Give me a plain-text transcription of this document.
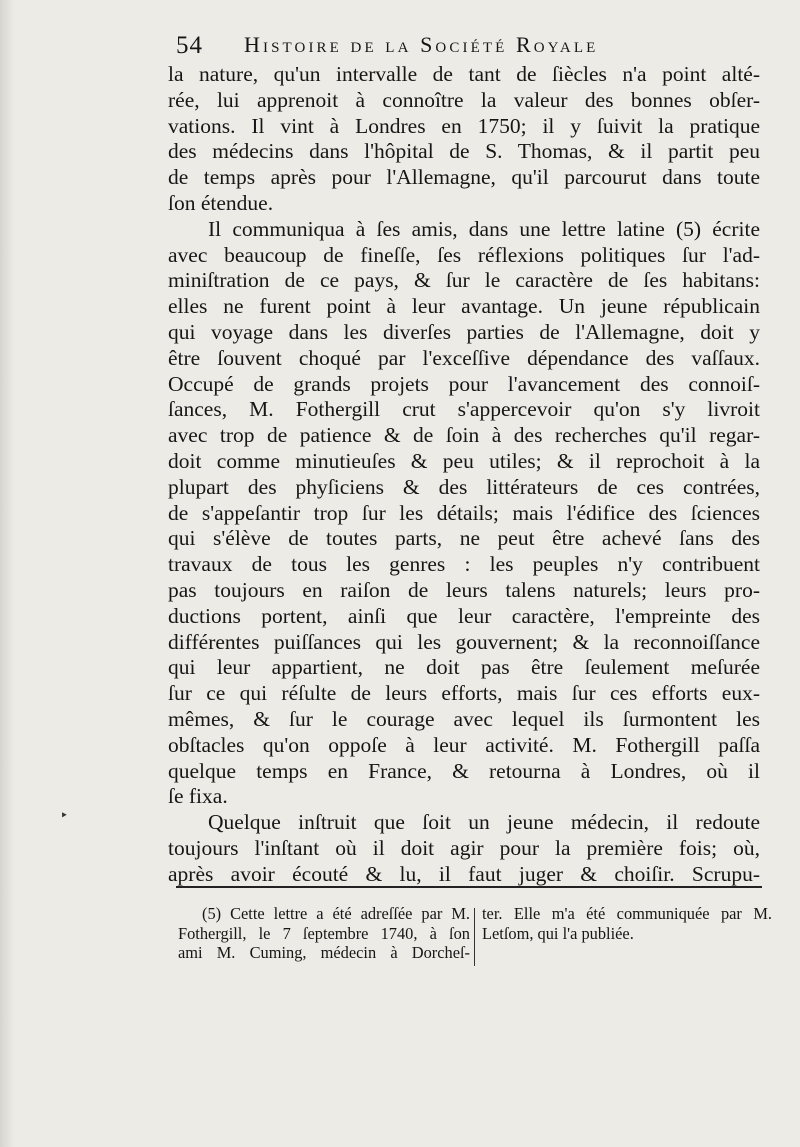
54 Histoire de la Société Royale
la nature, qu'un intervalle de tant de ſiècles n'a point alté-
rée, lui apprenoit à connoître la valeur des bonnes obſer-
vations. Il vint à Londres en 1750; il y ſuivit la pratique
des médecins dans l'hôpital de S. Thomas, & il partit peu
de temps après pour l'Allemagne, qu'il parcourut dans toute
ſon étendue.
Il communiqua à ſes amis, dans une lettre latine (5) écrite
avec beaucoup de fineſſe, ſes réflexions politiques ſur l'ad-
miniſtration de ce pays, & ſur le caractère de ſes habitans:
elles ne furent point à leur avantage. Un jeune républicain
qui voyage dans les diverſes parties de l'Allemagne, doit y
être ſouvent choqué par l'exceſſive dépendance des vaſſaux.
Occupé de grands projets pour l'avancement des connoiſ-
ſances, M. Fothergill crut s'appercevoir qu'on s'y livroit
avec trop de patience & de ſoin à des recherches qu'il regar-
doit comme minutieuſes & peu utiles; & il reprochoit à la
plupart des phyſiciens & des littérateurs de ces contrées,
de s'appeſantir trop ſur les détails; mais l'édifice des ſciences
qui s'élève de toutes parts, ne peut être achevé ſans des
travaux de tous les genres : les peuples n'y contribuent
pas toujours en raiſon de leurs talens naturels; leurs pro-
ductions portent, ainſi que leur caractère, l'empreinte des
différentes puiſſances qui les gouvernent; & la reconnoiſſance
qui leur appartient, ne doit pas être ſeulement meſurée
ſur ce qui réſulte de leurs efforts, mais ſur ces efforts eux-
mêmes, & ſur le courage avec lequel ils ſurmontent les
obſtacles qu'on oppoſe à leur activité. M. Fothergill paſſa
quelque temps en France, & retourna à Londres, où il
ſe fixa.
Quelque inſtruit que ſoit un jeune médecin, il redoute
toujours l'inſtant où il doit agir pour la première fois; où,
après avoir écouté & lu, il faut juger & choiſir. Scrupu-
(5) Cette lettre a été adreſſée par M.
Fothergill, le 7 ſeptembre 1740, à ſon
ami M. Cuming, médecin à Dorcheſ-
ter. Elle m'a été communiquée par M.
Letſom, qui l'a publiée.
‣
